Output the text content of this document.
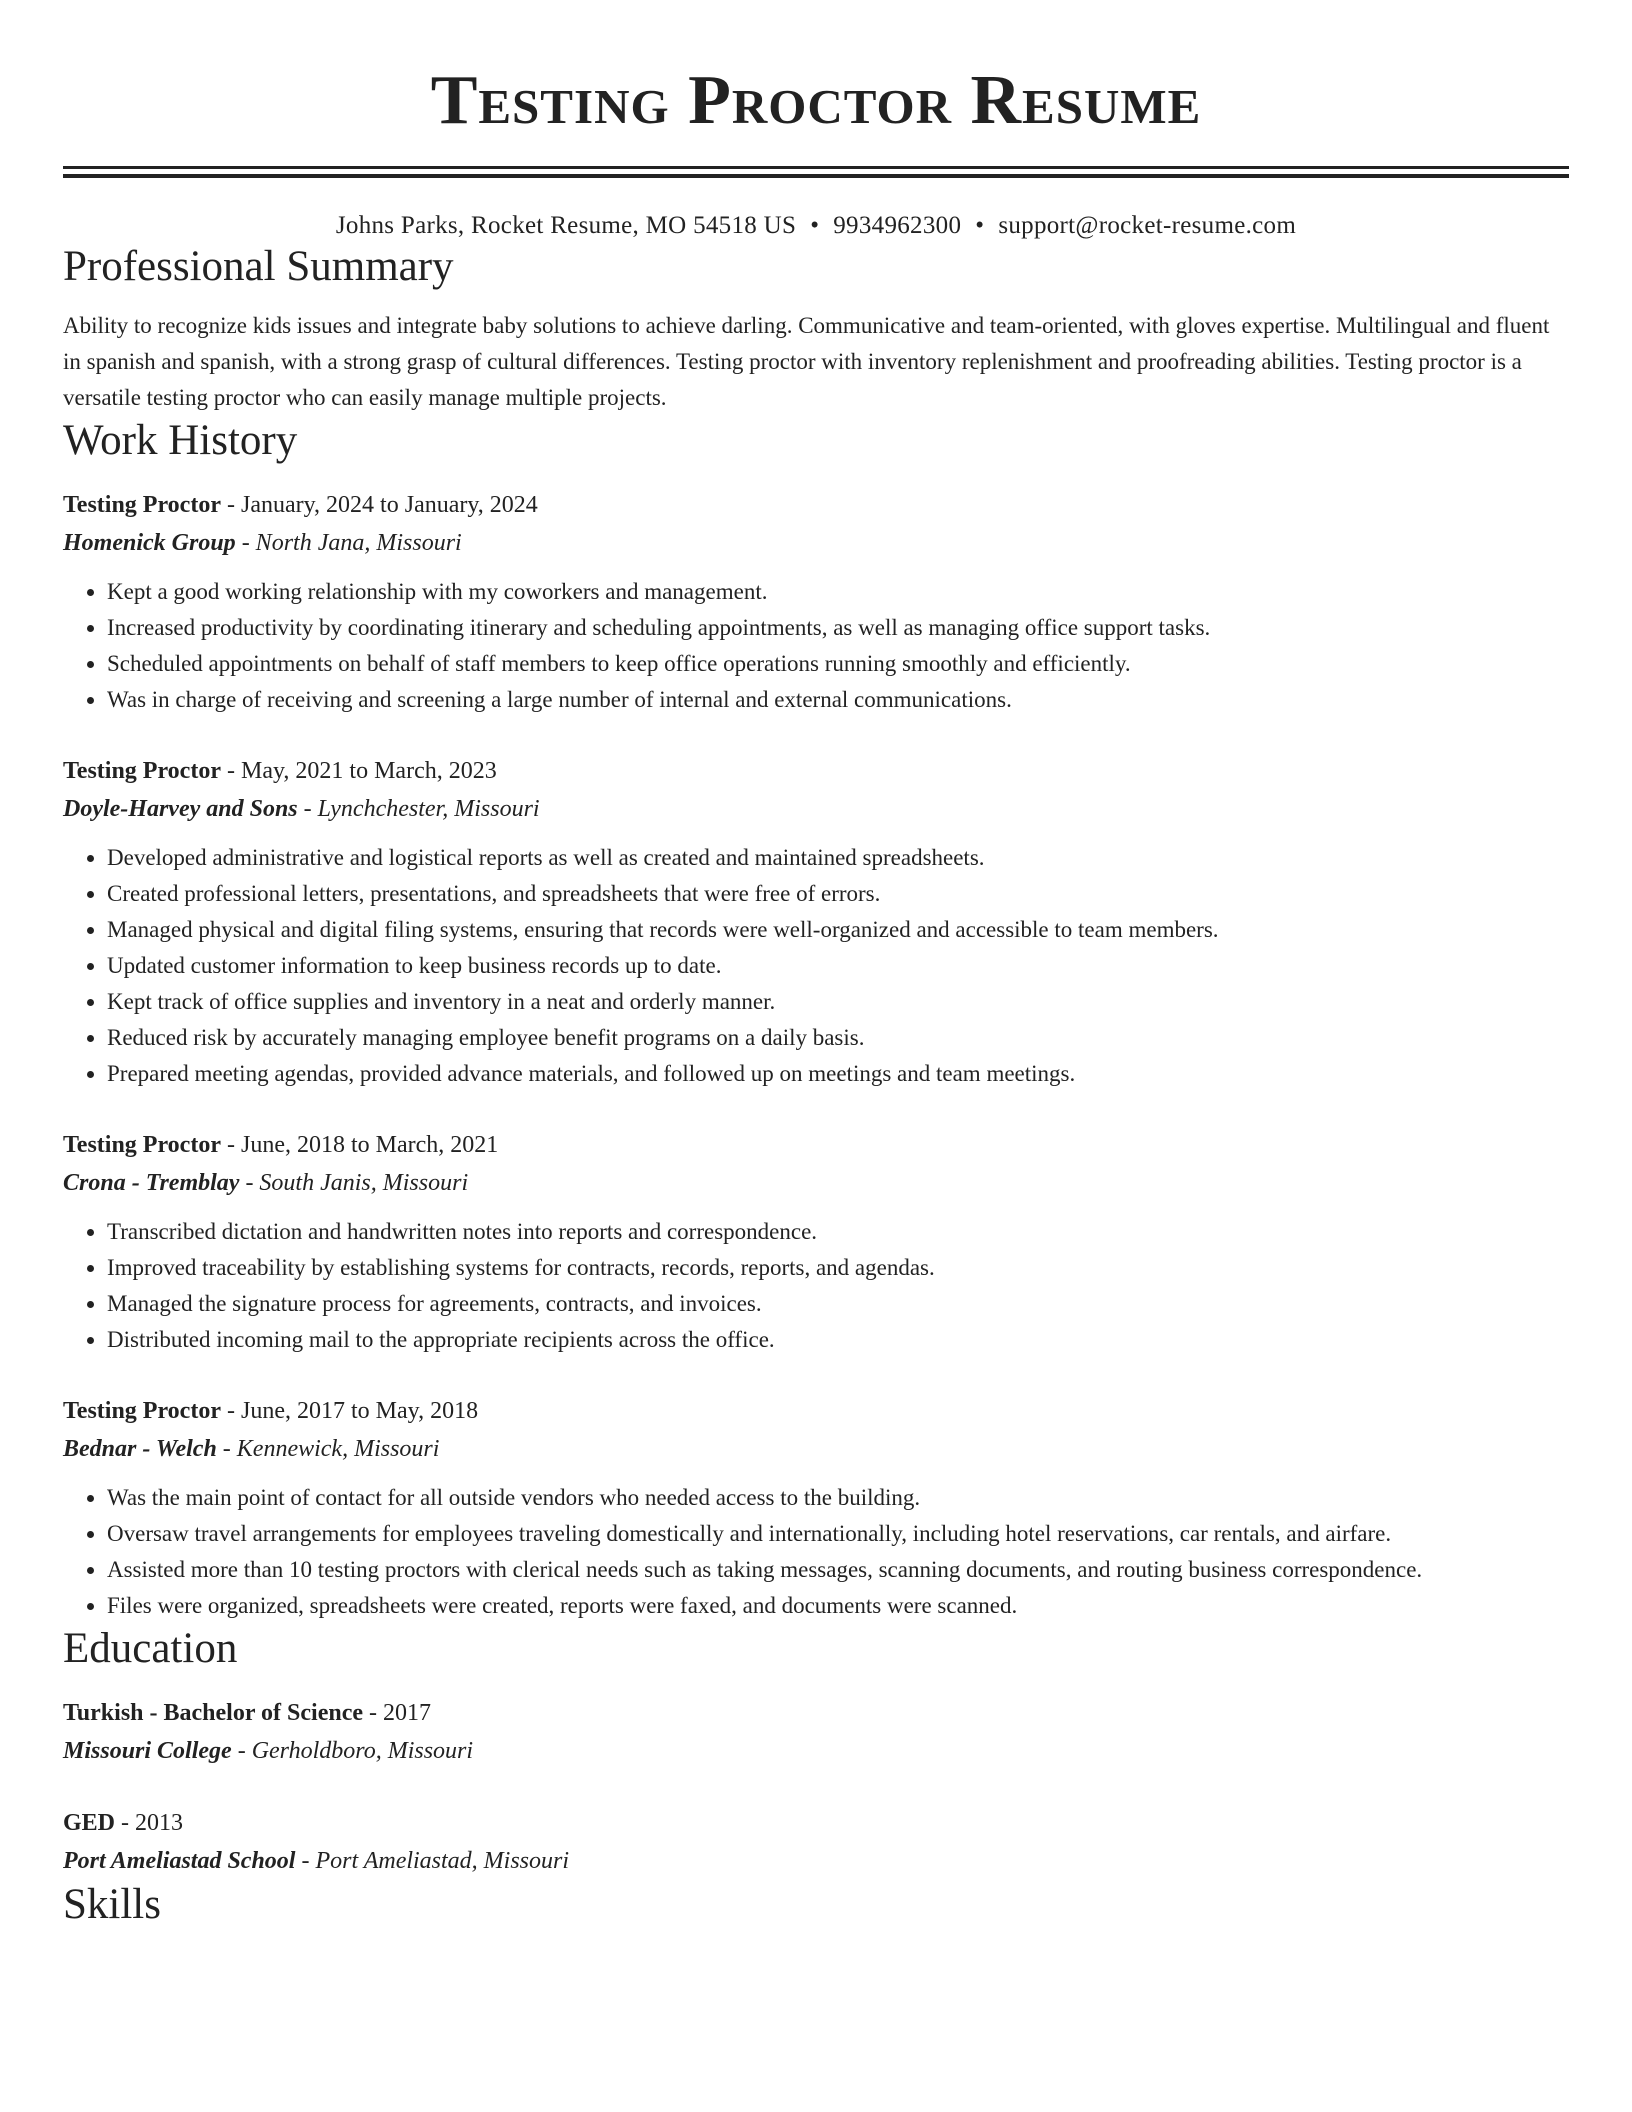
Testing Proctor Resume
Johns Parks, Rocket Resume, MO 54518 US • 9934962300 • support@rocket-resume.com
Professional Summary

Ability to recognize kids issues and integrate baby solutions to achieve darling. Communicative and team-oriented, with gloves expertise. Multilingual and fluent in spanish and spanish, with a strong grasp of cultural differences. Testing proctor with inventory replenishment and proofreading abilities. Testing proctor is a versatile testing proctor who can easily manage multiple projects.

Work History
Testing Proctor - January, 2024 to January, 2024
Homenick Group - North Jana, Missouri
• Kept a good working relationship with my coworkers and management.
• Increased productivity by coordinating itinerary and scheduling appointments, as well as managing office support tasks.
• Scheduled appointments on behalf of staff members to keep office operations running smoothly and efficiently.
• Was in charge of receiving and screening a large number of internal and external communications.
Testing Proctor - May, 2021 to March, 2023
Doyle-Harvey and Sons - Lynchchester, Missouri
• Developed administrative and logistical reports as well as created and maintained spreadsheets.
• Created professional letters, presentations, and spreadsheets that were free of errors.
• Managed physical and digital filing systems, ensuring that records were well-organized and accessible to team members.
• Updated customer information to keep business records up to date.
• Kept track of office supplies and inventory in a neat and orderly manner.
• Reduced risk by accurately managing employee benefit programs on a daily basis.
• Prepared meeting agendas, provided advance materials, and followed up on meetings and team meetings.
Testing Proctor - June, 2018 to March, 2021
Crona - Tremblay - South Janis, Missouri
• Transcribed dictation and handwritten notes into reports and correspondence.
• Improved traceability by establishing systems for contracts, records, reports, and agendas.
• Managed the signature process for agreements, contracts, and invoices.
• Distributed incoming mail to the appropriate recipients across the office.
Testing Proctor - June, 2017 to May, 2018
Bednar - Welch - Kennewick, Missouri
• Was the main point of contact for all outside vendors who needed access to the building.
• Oversaw travel arrangements for employees traveling domestically and internationally, including hotel reservations, car rentals, and airfare.
• Assisted more than 10 testing proctors with clerical needs such as taking messages, scanning documents, and routing business correspondence.
• Files were organized, spreadsheets were created, reports were faxed, and documents were scanned.
Education
Turkish - Bachelor of Science - 2017
Missouri College - Gerholdboro, Missouri
GED - 2013
Port Ameliastad School - Port Ameliastad, Missouri
Skills
